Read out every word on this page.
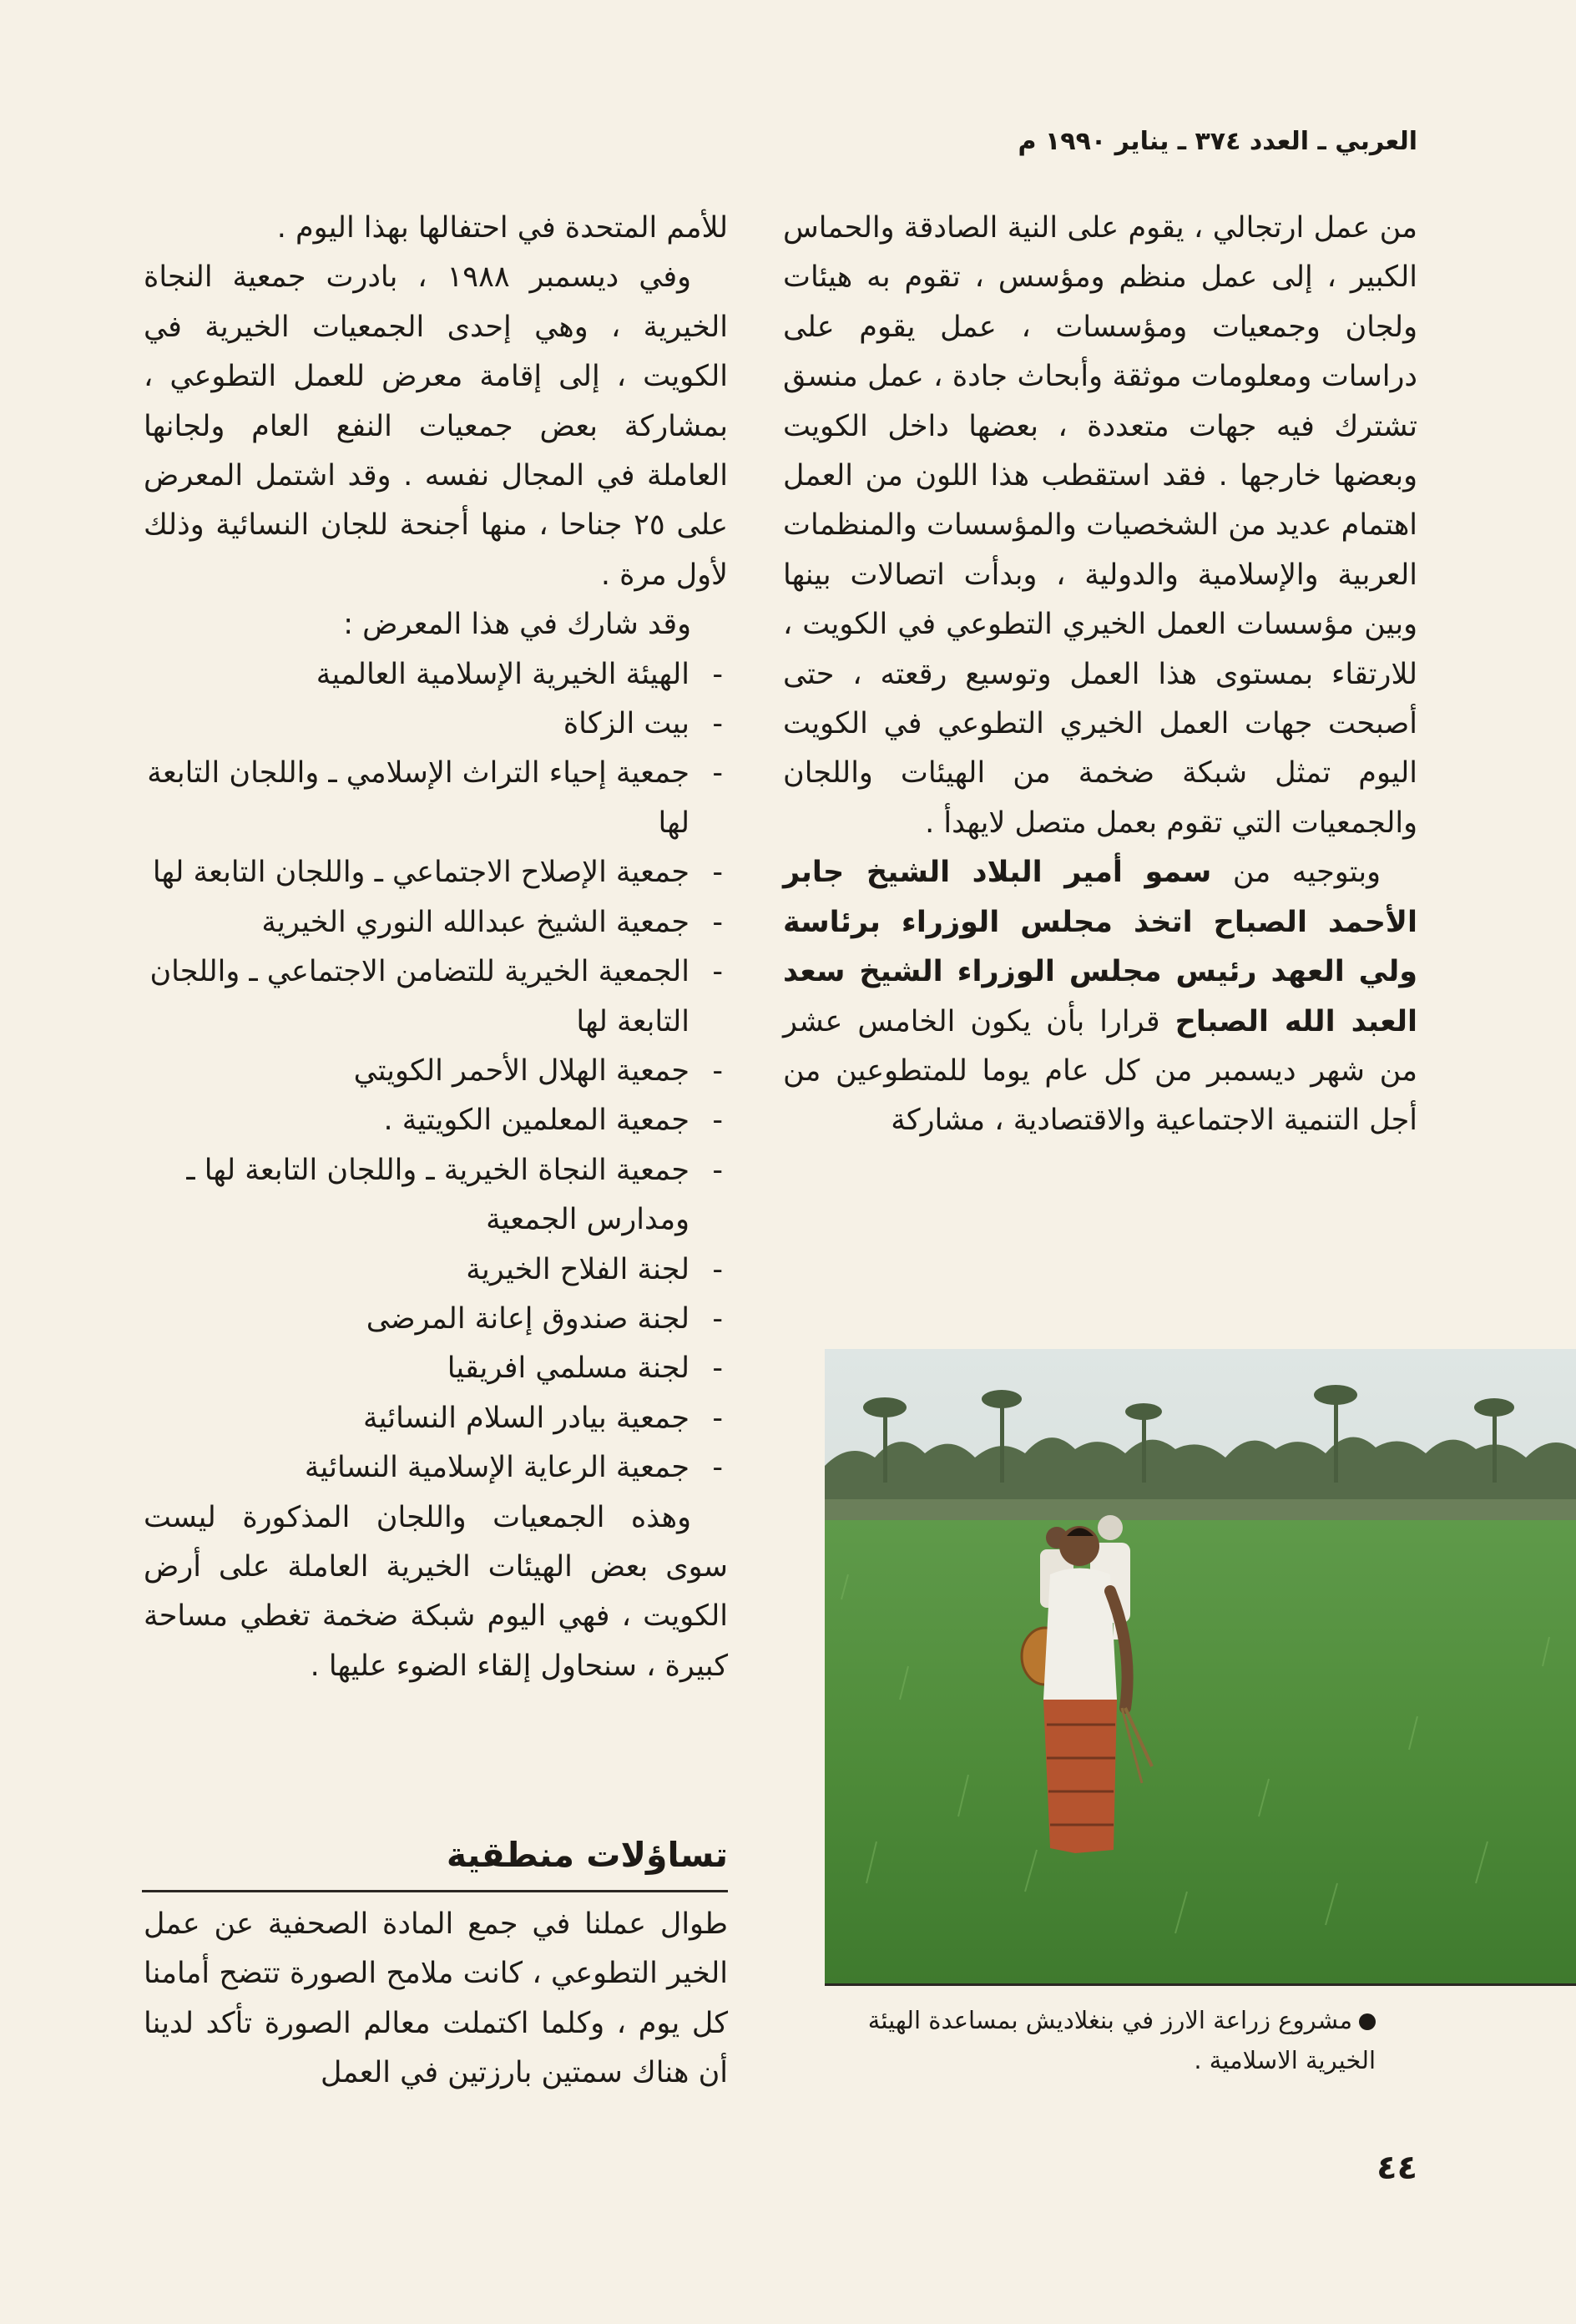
العربي ـ العدد ٣٧٤ ـ يناير ١٩٩٠ م

من عمل ارتجالي ، يقوم على النية الصادقة والحماس الكبير ، إلى عمل منظم ومؤسس ، تقوم به هيئات ولجان وجمعيات ومؤسسات ، عمل يقوم على دراسات ومعلومات موثقة وأبحاث جادة ، عمل منسق تشترك فيه جهات متعددة ، بعضها داخل الكويت وبعضها خارجها . فقد استقطب هذا اللون من العمل اهتمام عديد من الشخصيات والمؤسسات والمنظمات العربية والإسلامية والدولية ، وبدأت اتصالات بينها وبين مؤسسات العمل الخيري التطوعي في الكويت ، للارتقاء بمستوى هذا العمل وتوسيع رقعته ، حتى أصبحت جهات العمل الخيري التطوعي في الكويت اليوم تمثل شبكة ضخمة من الهيئات واللجان والجمعيات التي تقوم بعمل متصل لايهدأ .

وبتوجيه من سمو أمير البلاد الشيخ جابر الأحمد الصباح اتخذ مجلس الوزراء برئاسة ولي العهد رئيس مجلس الوزراء الشيخ سعد العبد الله الصباح قرارا بأن يكون الخامس عشر من شهر ديسمبر من كل عام يوما للمتطوعين من أجل التنمية الاجتماعية والاقتصادية ، مشاركة

للأمم المتحدة في احتفالها بهذا اليوم .

وفي ديسمبر ١٩٨٨ ، بادرت جمعية النجاة الخيرية ، وهي إحدى الجمعيات الخيرية في الكويت ، إلى إقامة معرض للعمل التطوعي ، بمشاركة بعض جمعيات النفع العام ولجانها العاملة في المجال نفسه . وقد اشتمل المعرض على ٢٥ جناحا ، منها أجنحة للجان النسائية وذلك لأول مرة .

وقد شارك في هذا المعرض :

- الهيئة الخيرية الإسلامية العالمية
- بيت الزكاة
- جمعية إحياء التراث الإسلامي ـ واللجان التابعة لها
- جمعية الإصلاح الاجتماعي ـ واللجان التابعة لها
- جمعية الشيخ عبدالله النوري الخيرية
- الجمعية الخيرية للتضامن الاجتماعي ـ واللجان التابعة لها
- جمعية الهلال الأحمر الكويتي
- جمعية المعلمين الكويتية .
- جمعية النجاة الخيرية ـ واللجان التابعة لها ـ ومدارس الجمعية
- لجنة الفلاح الخيرية
- لجنة صندوق إعانة المرضى
- لجنة مسلمي افريقيا
- جمعية بيادر السلام النسائية
- جمعية الرعاية الإسلامية النسائية

وهذه الجمعيات واللجان المذكورة ليست سوى بعض الهيئات الخيرية العاملة على أرض الكويت ، فهي اليوم شبكة ضخمة تغطي مساحة كبيرة ، سنحاول إلقاء الضوء عليها .

تساؤلات منطقية

طوال عملنا في جمع المادة الصحفية عن عمل الخير التطوعي ، كانت ملامح الصورة تتضح أمامنا كل يوم ، وكلما اكتملت معالم الصورة تأكد لدينا أن هناك سمتين بارزتين في العمل

مشروع زراعة الارز في بنغلاديش بمساعدة الهيئة الخيرية الاسلامية .

٤٤
